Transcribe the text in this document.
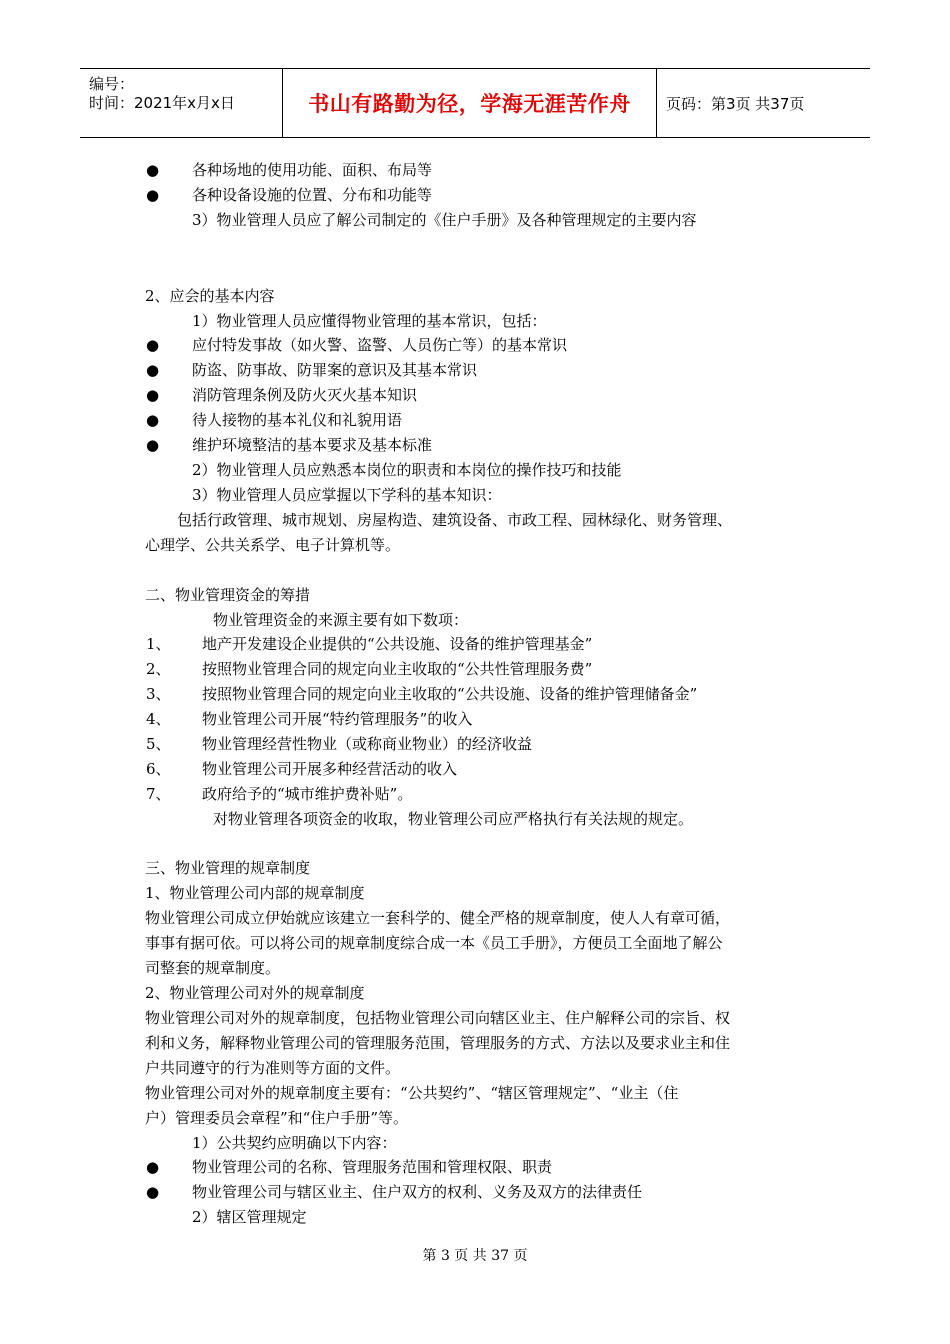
编号：
时间：2021年x月x日	书山有路勤为径，学海无涯苦作舟	页码：第3页 共37页
● 各种场地的使用功能、面积、布局等
● 各种设备设施的位置、分布和功能等
3）物业管理人员应了解公司制定的《住户手册》及各种管理规定的主要内容
2、应会的基本内容
1）物业管理人员应懂得物业管理的基本常识，包括：
● 应付特发事故（如火警、盗警、人员伤亡等）的基本常识
● 防盗、防事故、防罪案的意识及其基本常识
● 消防管理条例及防火灭火基本知识
● 待人接物的基本礼仪和礼貌用语
● 维护环境整洁的基本要求及基本标准
2）物业管理人员应熟悉本岗位的职责和本岗位的操作技巧和技能
3）物业管理人员应掌握以下学科的基本知识：
包括行政管理、城市规划、房屋构造、建筑设备、市政工程、园林绿化、财务管理、
心理学、公共关系学、电子计算机等。
二、物业管理资金的筹措
物业管理资金的来源主要有如下数项：
1、 地产开发建设企业提供的“公共设施、设备的维护管理基金”
2、 按照物业管理合同的规定向业主收取的“公共性管理服务费”
3、 按照物业管理合同的规定向业主收取的“公共设施、设备的维护管理储备金”
4、 物业管理公司开展“特约管理服务”的收入
5、 物业管理经营性物业（或称商业物业）的经济收益
6、 物业管理公司开展多种经营活动的收入
7、 政府给予的“城市维护费补贴”。
对物业管理各项资金的收取，物业管理公司应严格执行有关法规的规定。
三、物业管理的规章制度
1、物业管理公司内部的规章制度
物业管理公司成立伊始就应该建立一套科学的、健全严格的规章制度，使人人有章可循，
事事有据可依。可以将公司的规章制度综合成一本《员工手册》，方便员工全面地了解公
司整套的规章制度。
2、物业管理公司对外的规章制度
物业管理公司对外的规章制度，包括物业管理公司向辖区业主、住户解释公司的宗旨、权
利和义务，解释物业管理公司的管理服务范围，管理服务的方式、方法以及要求业主和住
户共同遵守的行为准则等方面的文件。
物业管理公司对外的规章制度主要有：“公共契约”、“辖区管理规定”、“业主（住
户）管理委员会章程”和“住户手册”等。
1）公共契约应明确以下内容：
● 物业管理公司的名称、管理服务范围和管理权限、职责
● 物业管理公司与辖区业主、住户双方的权利、义务及双方的法律责任
2）辖区管理规定
第 3 页 共 37 页
